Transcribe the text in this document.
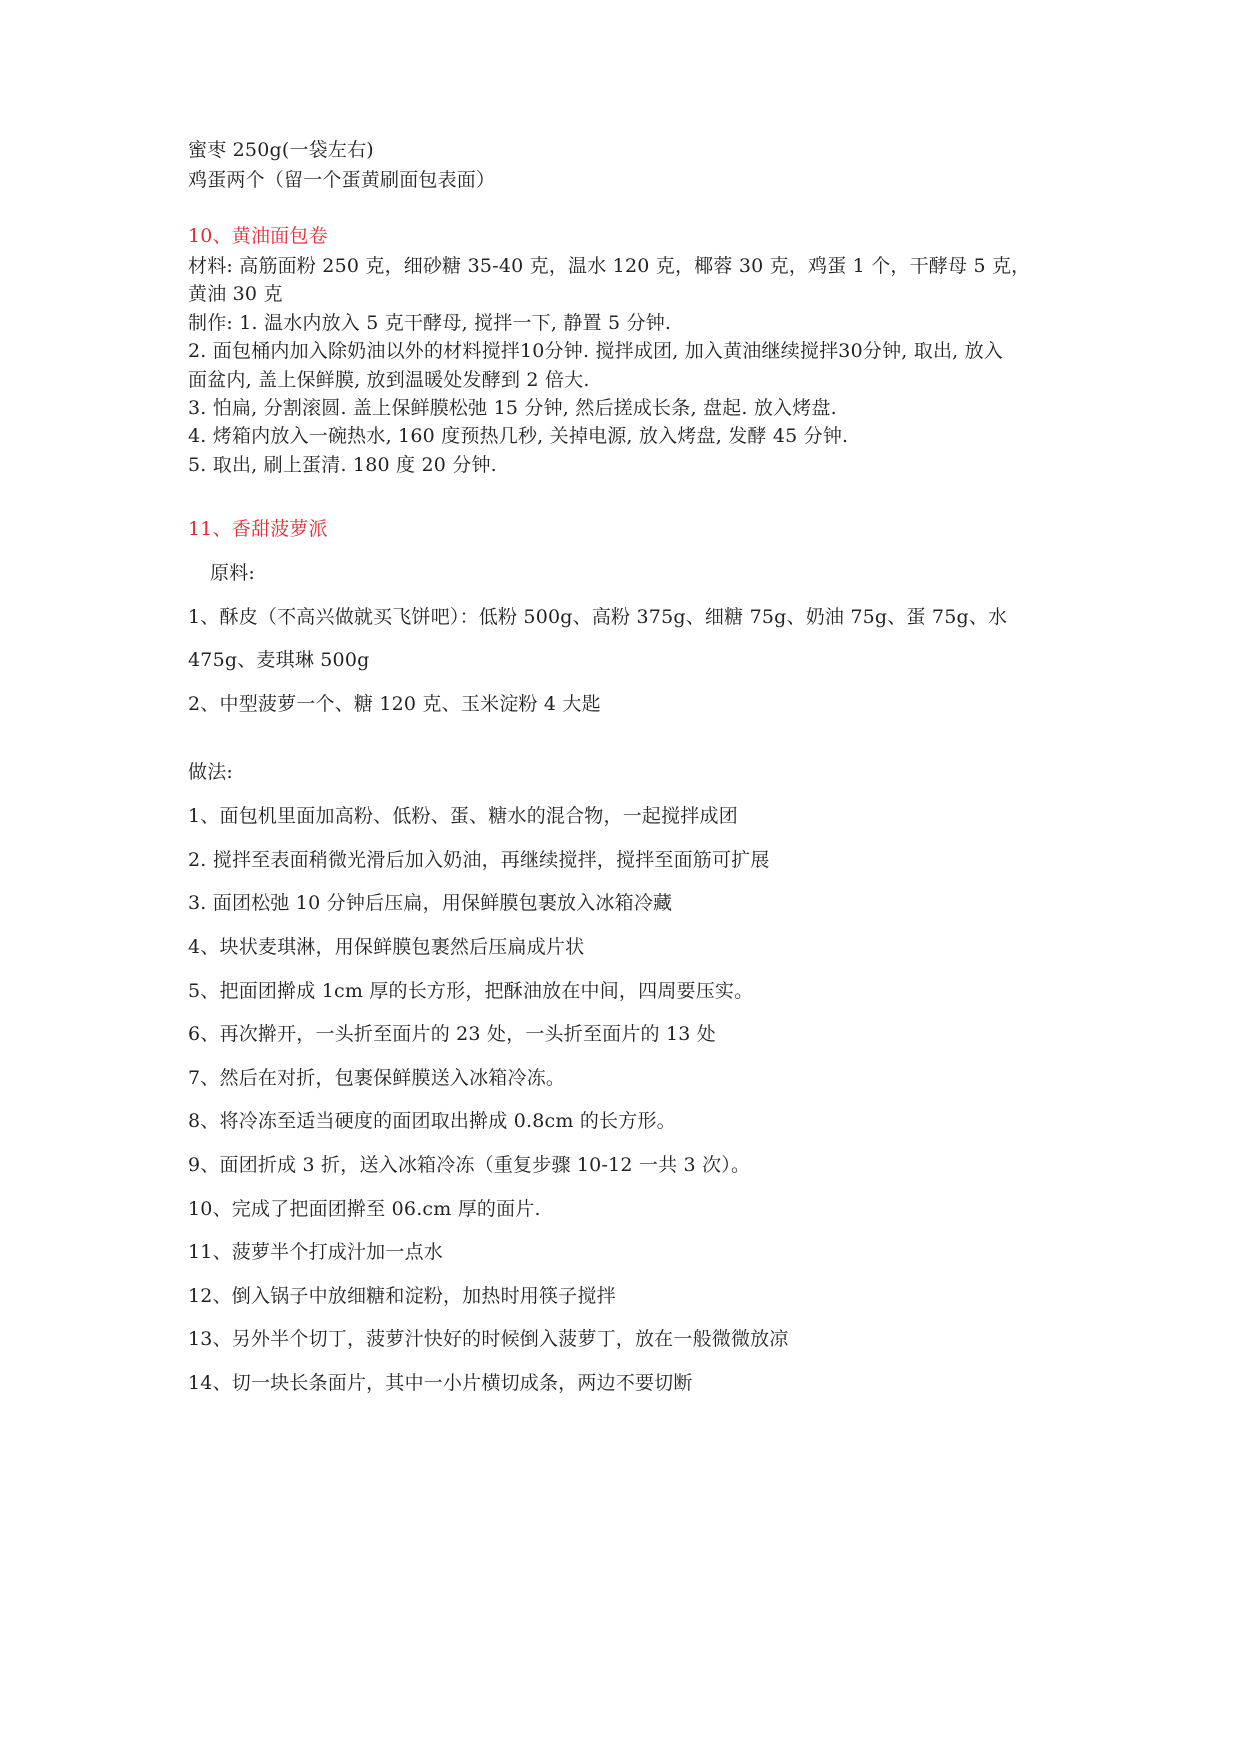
蜜枣 250g(一袋左右)
鸡蛋两个（留一个蛋黄刷面包表面）
10、黄油面包卷
材料: 高筋面粉 250 克，细砂糖 35-40 克，温水 120 克，椰蓉 30 克，鸡蛋 1 个，干酵母 5 克，
黄油 30 克
制作: 1. 温水内放入 5 克干酵母, 搅拌一下, 静置 5 分钟.
2. 面包桶内加入除奶油以外的材料搅拌10分钟. 搅拌成团, 加入黄油继续搅拌30分钟, 取出, 放入
面盆内, 盖上保鲜膜, 放到温暖处发酵到 2 倍大.
3. 怕扁, 分割滚圆. 盖上保鲜膜松弛 15 分钟, 然后搓成长条, 盘起. 放入烤盘.
4. 烤箱内放入一碗热水, 160 度预热几秒, 关掉电源, 放入烤盘, 发酵 45 分钟.
5. 取出, 刷上蛋清. 180 度 20 分钟.
11、香甜菠萝派
原料:
1、酥皮（不高兴做就买飞饼吧）：低粉 500g、高粉 375g、细糖 75g、奶油 75g、蛋 75g、水
475g、麦琪琳 500g
2、中型菠萝一个、糖 120 克、玉米淀粉 4 大匙
做法:
1、面包机里面加高粉、低粉、蛋、糖水的混合物，一起搅拌成团
2. 搅拌至表面稍微光滑后加入奶油，再继续搅拌，搅拌至面筋可扩展
3. 面团松弛 10 分钟后压扁，用保鲜膜包裹放入冰箱冷藏
4、块状麦琪淋，用保鲜膜包裹然后压扁成片状
5、把面团擀成 1cm 厚的长方形，把酥油放在中间，四周要压实。
6、再次擀开，一头折至面片的 23 处，一头折至面片的 13 处
7、然后在对折，包裹保鲜膜送入冰箱冷冻。
8、将冷冻至适当硬度的面团取出擀成 0.8cm 的长方形。
9、面团折成 3 折，送入冰箱冷冻（重复步骤 10-12 一共 3 次）。
10、完成了把面团擀至 06.cm 厚的面片.
11、菠萝半个打成汁加一点水
12、倒入锅子中放细糖和淀粉，加热时用筷子搅拌
13、另外半个切丁，菠萝汁快好的时候倒入菠萝丁，放在一般微微放凉
14、切一块长条面片，其中一小片横切成条，两边不要切断
